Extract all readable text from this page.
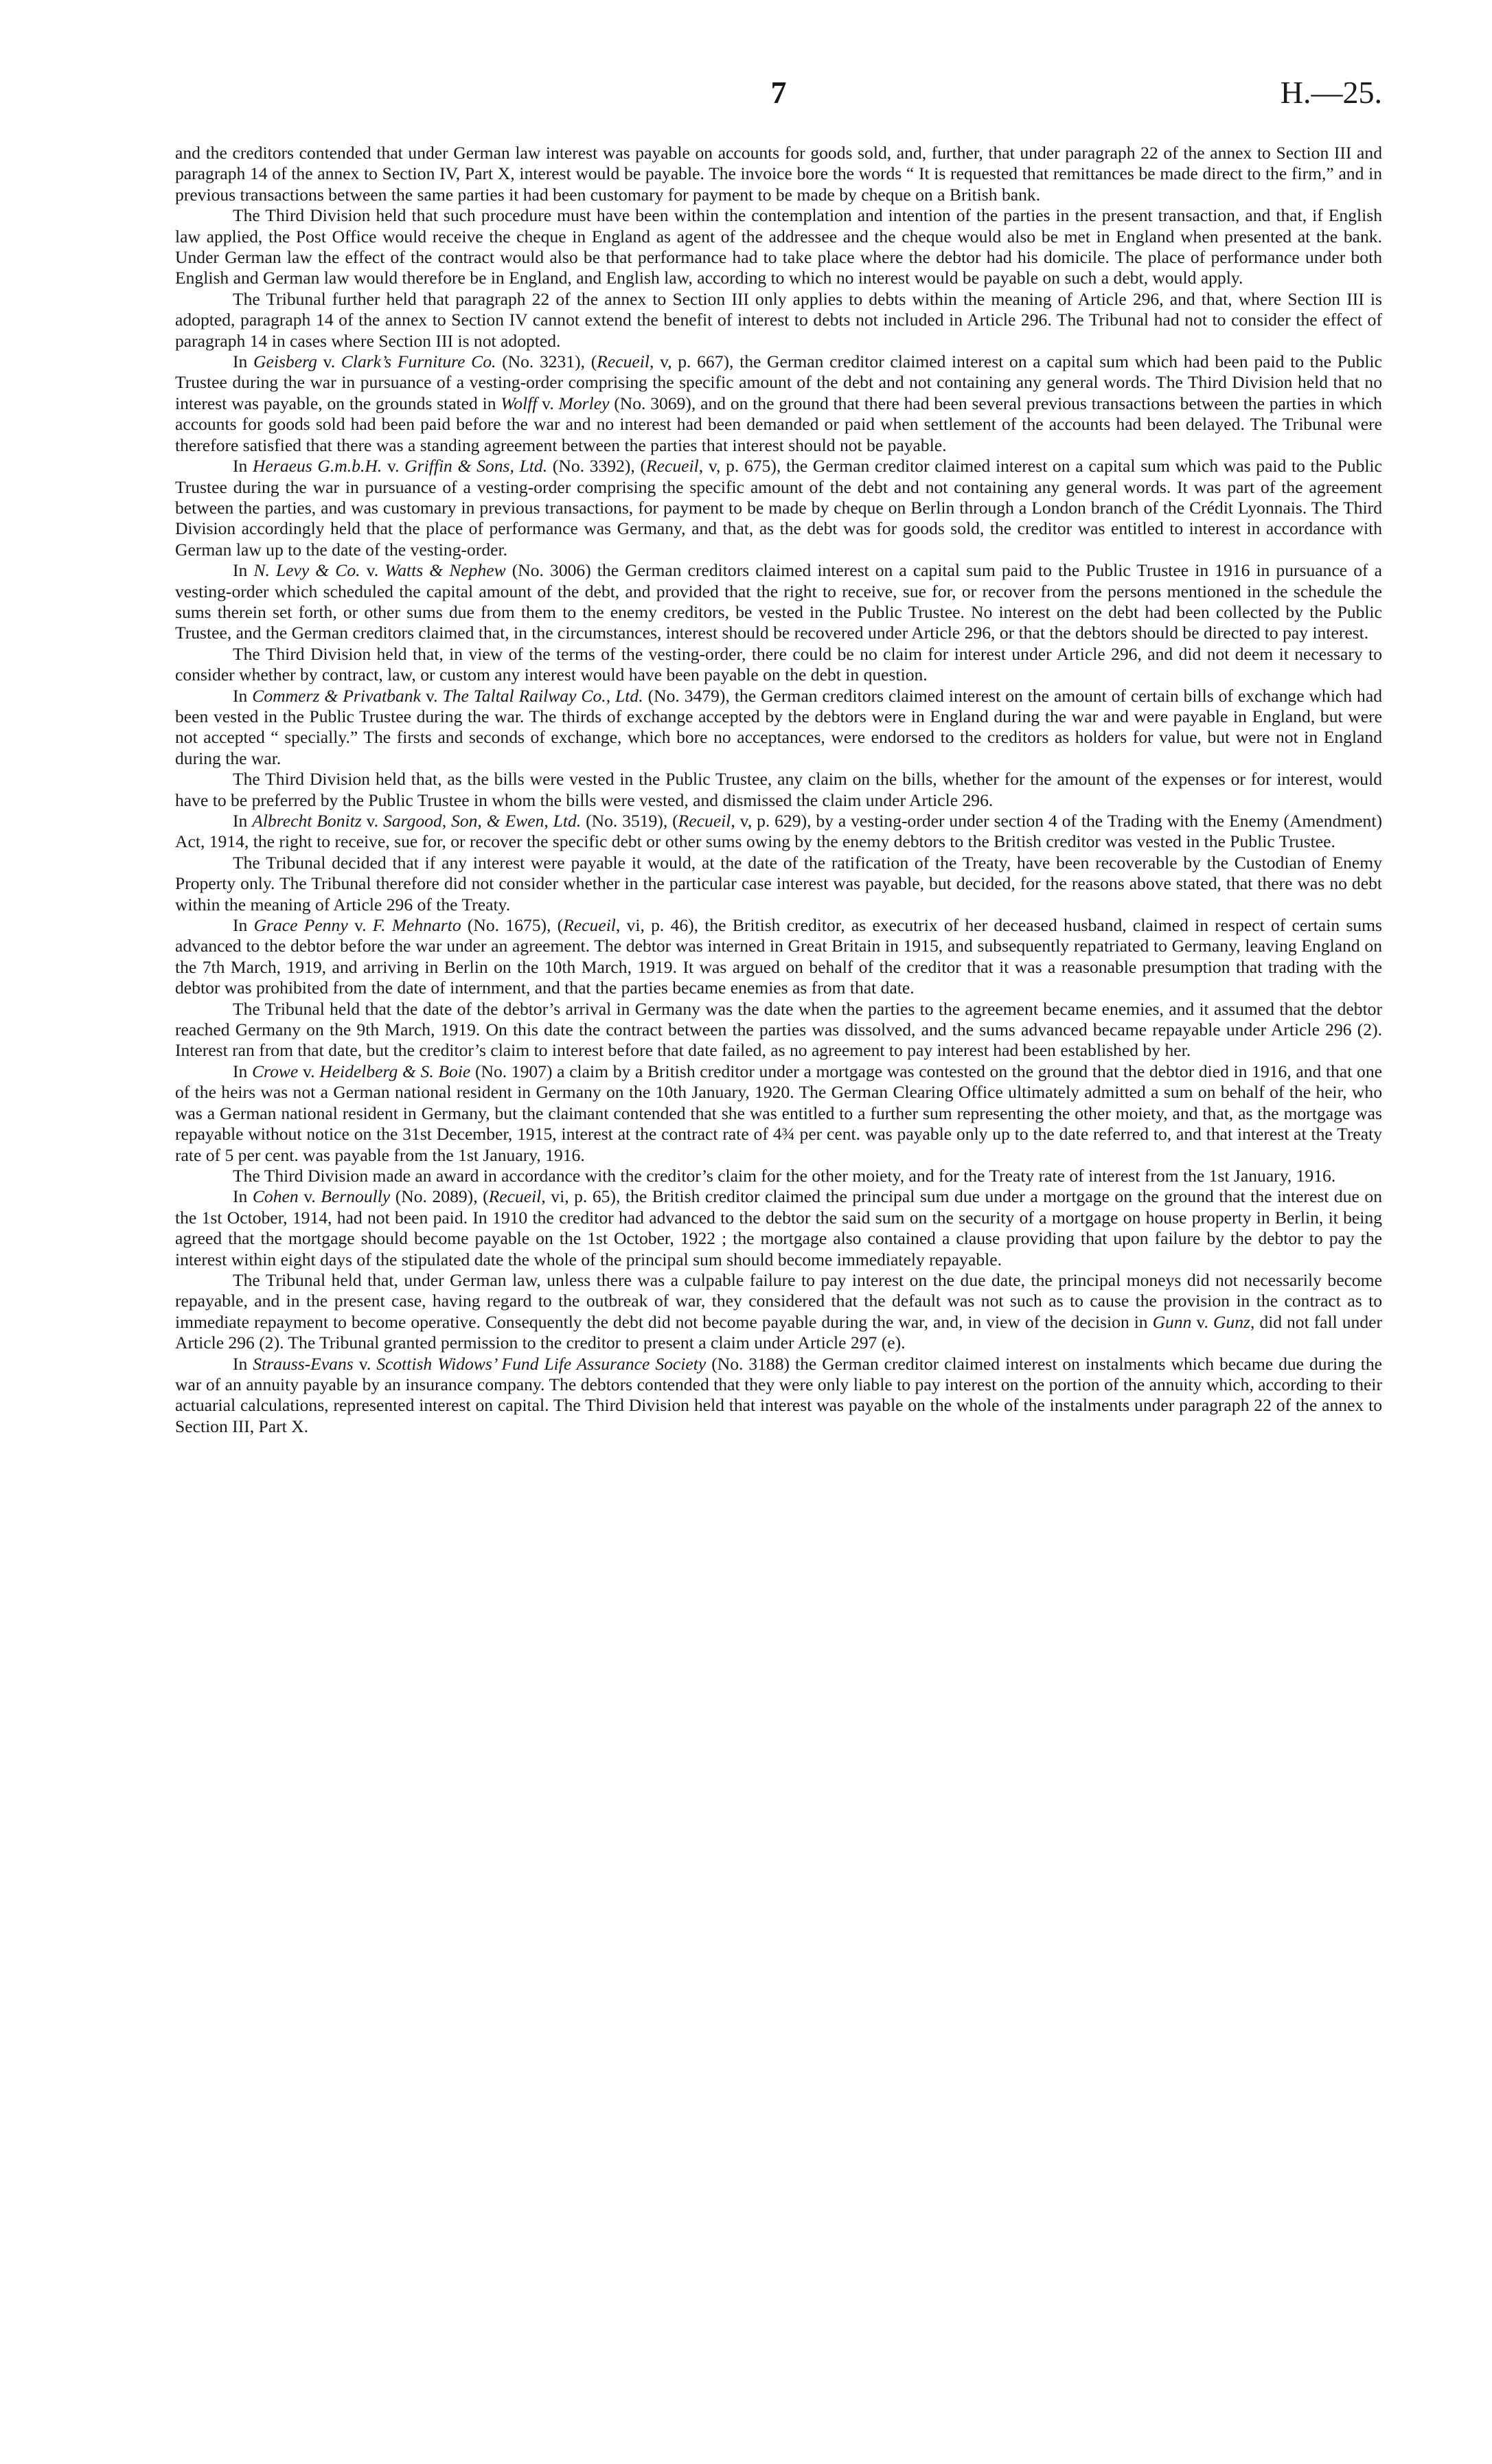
7	H.—25.

and the creditors contended that under German law interest was payable on accounts for goods sold, and, further, that under paragraph 22 of the annex to Section III and paragraph 14 of the annex to Section IV, Part X, interest would be payable. The invoice bore the words “ It is requested that remittances be made direct to the firm,” and in previous transactions between the same parties it had been customary for payment to be made by cheque on a British bank.

The Third Division held that such procedure must have been within the contemplation and intention of the parties in the present transaction, and that, if English law applied, the Post Office would receive the cheque in England as agent of the addressee and the cheque would also be met in England when presented at the bank. Under German law the effect of the contract would also be that performance had to take place where the debtor had his domicile. The place of performance under both English and German law would therefore be in England, and English law, according to which no interest would be payable on such a debt, would apply.

The Tribunal further held that paragraph 22 of the annex to Section III only applies to debts within the meaning of Article 296, and that, where Section III is adopted, paragraph 14 of the annex to Section IV cannot extend the benefit of interest to debts not included in Article 296. The Tribunal had not to consider the effect of paragraph 14 in cases where Section III is not adopted.

In Geisberg v. Clark’s Furniture Co. (No. 3231), (Recueil, v, p. 667), the German creditor claimed interest on a capital sum which had been paid to the Public Trustee during the war in pursuance of a vesting-order comprising the specific amount of the debt and not containing any general words. The Third Division held that no interest was payable, on the grounds stated in Wolff v. Morley (No. 3069), and on the ground that there had been several previous transactions between the parties in which accounts for goods sold had been paid before the war and no interest had been demanded or paid when settlement of the accounts had been delayed. The Tribunal were therefore satisfied that there was a standing agreement between the parties that interest should not be payable.

In Heraeus G.m.b.H. v. Griffin & Sons, Ltd. (No. 3392), (Recueil, v, p. 675), the German creditor claimed interest on a capital sum which was paid to the Public Trustee during the war in pursuance of a vesting-order comprising the specific amount of the debt and not containing any general words. It was part of the agreement between the parties, and was customary in previous transactions, for payment to be made by cheque on Berlin through a London branch of the Crédit Lyonnais. The Third Division accordingly held that the place of performance was Germany, and that, as the debt was for goods sold, the creditor was entitled to interest in accordance with German law up to the date of the vesting-order.

In N. Levy & Co. v. Watts & Nephew (No. 3006) the German creditors claimed interest on a capital sum paid to the Public Trustee in 1916 in pursuance of a vesting-order which scheduled the capital amount of the debt, and provided that the right to receive, sue for, or recover from the persons mentioned in the schedule the sums therein set forth, or other sums due from them to the enemy creditors, be vested in the Public Trustee. No interest on the debt had been collected by the Public Trustee, and the German creditors claimed that, in the circumstances, interest should be recovered under Article 296, or that the debtors should be directed to pay interest.

The Third Division held that, in view of the terms of the vesting-order, there could be no claim for interest under Article 296, and did not deem it necessary to consider whether by contract, law, or custom any interest would have been payable on the debt in question.

In Commerz & Privatbank v. The Taltal Railway Co., Ltd. (No. 3479), the German creditors claimed interest on the amount of certain bills of exchange which had been vested in the Public Trustee during the war. The thirds of exchange accepted by the debtors were in England during the war and were payable in England, but were not accepted “ specially.” The firsts and seconds of exchange, which bore no acceptances, were endorsed to the creditors as holders for value, but were not in England during the war.

The Third Division held that, as the bills were vested in the Public Trustee, any claim on the bills, whether for the amount of the expenses or for interest, would have to be preferred by the Public Trustee in whom the bills were vested, and dismissed the claim under Article 296.

In Albrecht Bonitz v. Sargood, Son, & Ewen, Ltd. (No. 3519), (Recueil, v, p. 629), by a vesting-order under section 4 of the Trading with the Enemy (Amendment) Act, 1914, the right to receive, sue for, or recover the specific debt or other sums owing by the enemy debtors to the British creditor was vested in the Public Trustee.

The Tribunal decided that if any interest were payable it would, at the date of the ratification of the Treaty, have been recoverable by the Custodian of Enemy Property only. The Tribunal therefore did not consider whether in the particular case interest was payable, but decided, for the reasons above stated, that there was no debt within the meaning of Article 296 of the Treaty.

In Grace Penny v. F. Mehnarto (No. 1675), (Recueil, vi, p. 46), the British creditor, as executrix of her deceased husband, claimed in respect of certain sums advanced to the debtor before the war under an agreement. The debtor was interned in Great Britain in 1915, and subsequently repatriated to Germany, leaving England on the 7th March, 1919, and arriving in Berlin on the 10th March, 1919. It was argued on behalf of the creditor that it was a reasonable presumption that trading with the debtor was prohibited from the date of internment, and that the parties became enemies as from that date.

The Tribunal held that the date of the debtor’s arrival in Germany was the date when the parties to the agreement became enemies, and it assumed that the debtor reached Germany on the 9th March, 1919. On this date the contract between the parties was dissolved, and the sums advanced became repayable under Article 296 (2). Interest ran from that date, but the creditor’s claim to interest before that date failed, as no agreement to pay interest had been established by her.

In Crowe v. Heidelberg & S. Boie (No. 1907) a claim by a British creditor under a mortgage was contested on the ground that the debtor died in 1916, and that one of the heirs was not a German national resident in Germany on the 10th January, 1920. The German Clearing Office ultimately admitted a sum on behalf of the heir, who was a German national resident in Germany, but the claimant contended that she was entitled to a further sum representing the other moiety, and that, as the mortgage was repayable without notice on the 31st December, 1915, interest at the contract rate of 4¾ per cent. was payable only up to the date referred to, and that interest at the Treaty rate of 5 per cent. was payable from the 1st January, 1916.

The Third Division made an award in accordance with the creditor’s claim for the other moiety, and for the Treaty rate of interest from the 1st January, 1916.

In Cohen v. Bernoully (No. 2089), (Recueil, vi, p. 65), the British creditor claimed the principal sum due under a mortgage on the ground that the interest due on the 1st October, 1914, had not been paid. In 1910 the creditor had advanced to the debtor the said sum on the security of a mortgage on house property in Berlin, it being agreed that the mortgage should become payable on the 1st October, 1922 ; the mortgage also contained a clause providing that upon failure by the debtor to pay the interest within eight days of the stipulated date the whole of the principal sum should become immediately repayable.

The Tribunal held that, under German law, unless there was a culpable failure to pay interest on the due date, the principal moneys did not necessarily become repayable, and in the present case, having regard to the outbreak of war, they considered that the default was not such as to cause the provision in the contract as to immediate repayment to become operative. Consequently the debt did not become payable during the war, and, in view of the decision in Gunn v. Gunz, did not fall under Article 296 (2). The Tribunal granted permission to the creditor to present a claim under Article 297 (e).

In Strauss-Evans v. Scottish Widows’ Fund Life Assurance Society (No. 3188) the German creditor claimed interest on instalments which became due during the war of an annuity payable by an insurance company. The debtors contended that they were only liable to pay interest on the portion of the annuity which, according to their actuarial calculations, represented interest on capital. The Third Division held that interest was payable on the whole of the instalments under paragraph 22 of the annex to Section III, Part X.
